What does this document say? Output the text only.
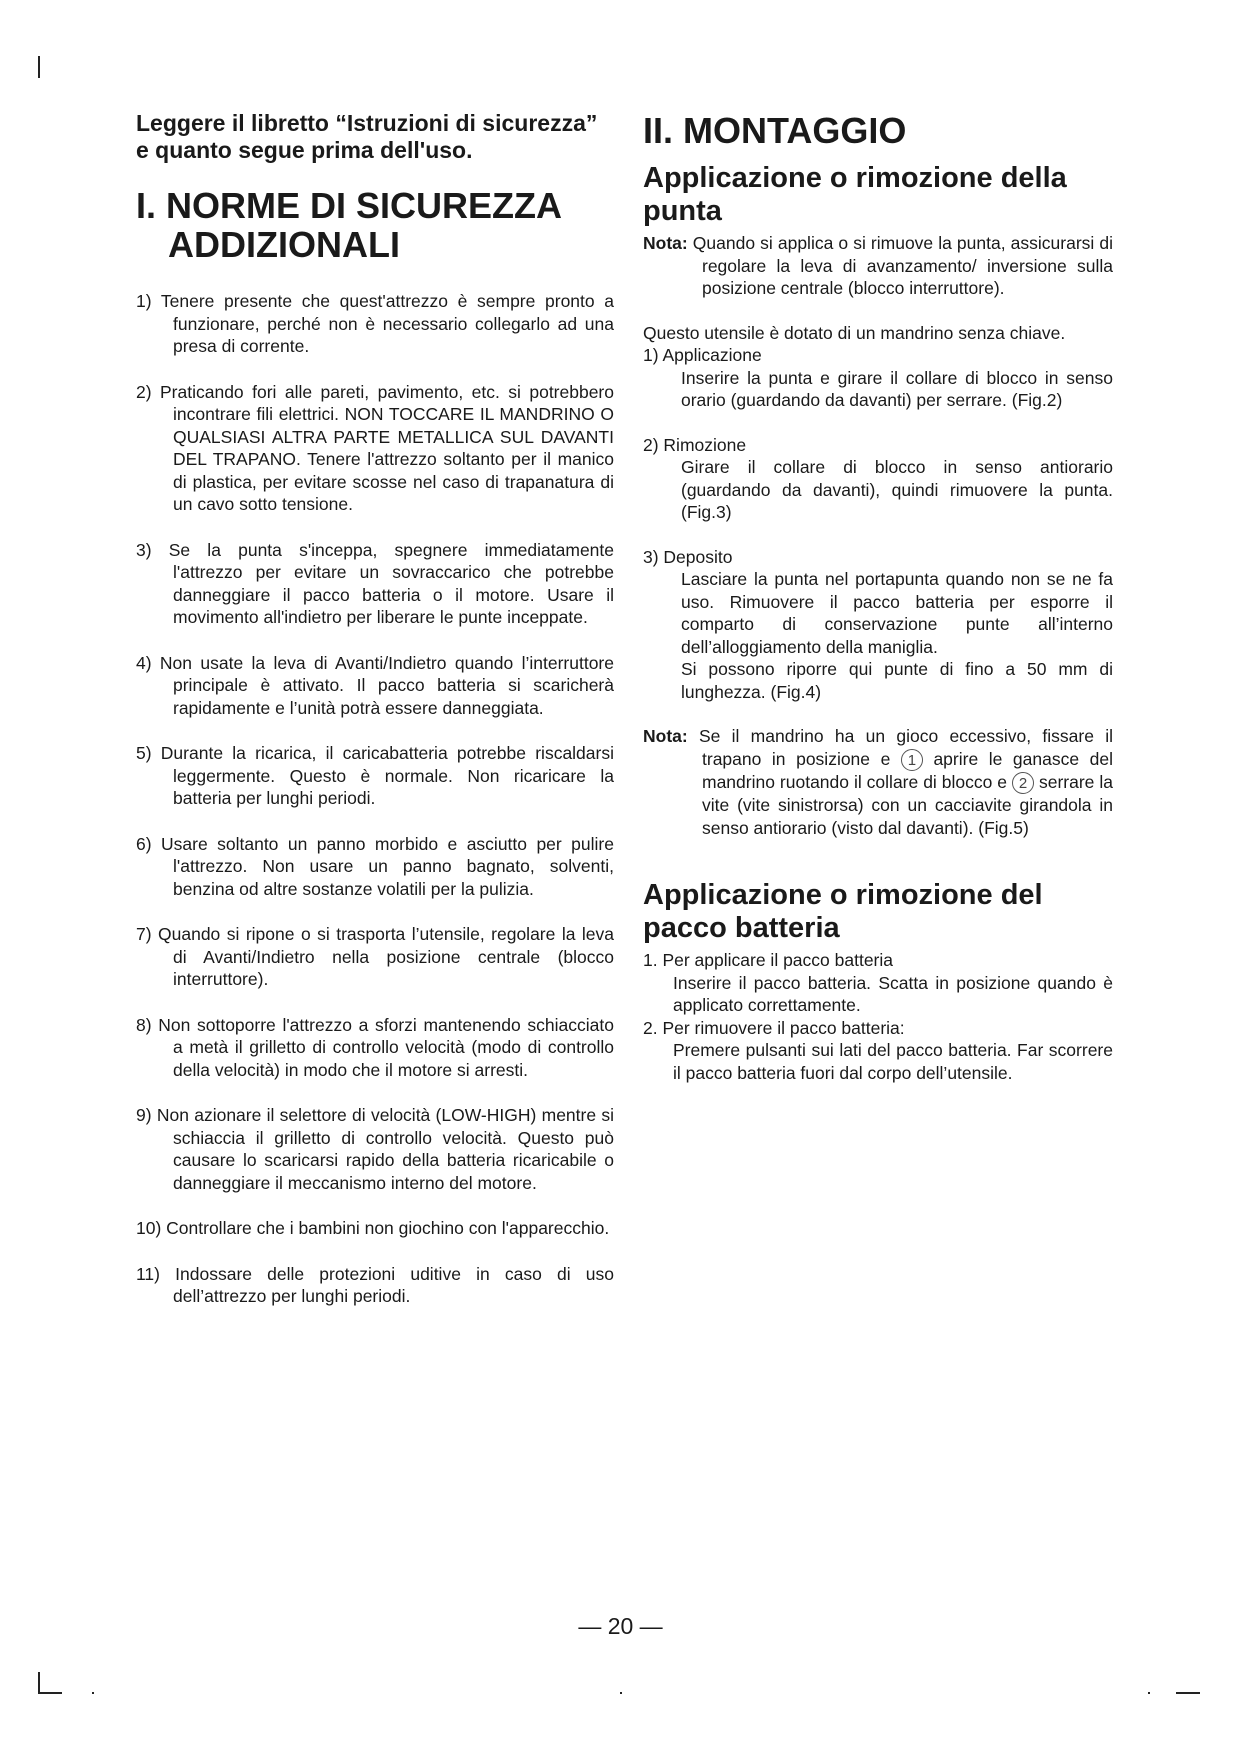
Leggere il libretto “Istruzioni di sicurezza” e quanto segue prima dell'uso.
I. NORME DI SICUREZZA ADDIZIONALI

1) Tenere presente che quest'attrezzo è sempre pronto a funzionare, perché non è necessario collegarlo ad una presa di corrente.

2) Praticando fori alle pareti, pavimento, etc. si potrebbero incontrare fili elettrici. NON TOCCARE IL MANDRINO O QUALSIASI ALTRA PARTE METALLICA SUL DAVANTI DEL TRAPANO. Tenere l'attrezzo soltanto per il manico di plastica, per evitare scosse nel caso di trapanatura di un cavo sotto tensione.

3) Se la punta s'inceppa, spegnere immediatamente l'attrezzo per evitare un sovraccarico che potrebbe danneggiare il pacco batteria o il motore. Usare il movimento all'indietro per liberare le punte inceppate.

4) Non usate la leva di Avanti/Indietro quando l’interruttore principale è attivato. Il pacco batteria si scaricherà rapidamente e l’unità potrà essere danneggiata.

5) Durante la ricarica, il caricabatteria potrebbe riscaldarsi leggermente. Questo è normale. Non ricaricare la batteria per lunghi periodi.

6) Usare soltanto un panno morbido e asciutto per pulire l'attrezzo. Non usare un panno bagnato, solventi, benzina od altre sostanze volatili per la pulizia.

7) Quando si ripone o si trasporta l’utensile, regolare la leva di Avanti/Indietro nella posizione centrale (blocco interruttore).

8) Non sottoporre l'attrezzo a sforzi mantenendo schiacciato a metà il grilletto di controllo velocità (modo di controllo della velocità) in modo che il motore si arresti.

9) Non azionare il selettore di velocità (LOW-HIGH) mentre si schiaccia il grilletto di controllo velocità. Questo può causare lo scaricarsi rapido della batteria ricaricabile o danneggiare il meccanismo interno del motore.

10) Controllare che i bambini non giochino con l'apparecchio.

11) Indossare delle protezioni uditive in caso di uso dell’attrezzo per lunghi periodi.

II. MONTAGGIO
Applicazione o rimozione della punta

Nota: Quando si applica o si rimuove la punta, assicurarsi di regolare la leva di avanzamento/ inversione sulla posizione centrale (blocco interruttore).

Questo utensile è dotato di un mandrino senza chiave.

1) Applicazione

Inserire la punta e girare il collare di blocco in senso orario (guardando da davanti) per serrare. (Fig.2)

2) Rimozione

Girare il collare di blocco in senso antiorario (guardando da davanti), quindi rimuovere la punta. (Fig.3)

3) Deposito

Lasciare la punta nel portapunta quando non se ne fa uso. Rimuovere il pacco batteria per esporre il comparto di conservazione punte all’interno dell’alloggiamento della maniglia.

Si possono riporre qui punte di fino a 50 mm di lunghezza. (Fig.4)

Nota: Se il mandrino ha un gioco eccessivo, fissare il trapano in posizione e 1 aprire le ganasce del mandrino ruotando il collare di blocco e 2 serrare la vite (vite sinistrorsa) con un cacciavite girandola in senso antiorario (visto dal davanti). (Fig.5)

Applicazione o rimozione del pacco batteria

1. Per applicare il pacco batteria

Inserire il pacco batteria. Scatta in posizione quando è applicato correttamente.

2. Per rimuovere il pacco batteria:

Premere pulsanti sui lati del pacco batteria. Far scorrere il pacco batteria fuori dal corpo dell’utensile.

— 20 —
